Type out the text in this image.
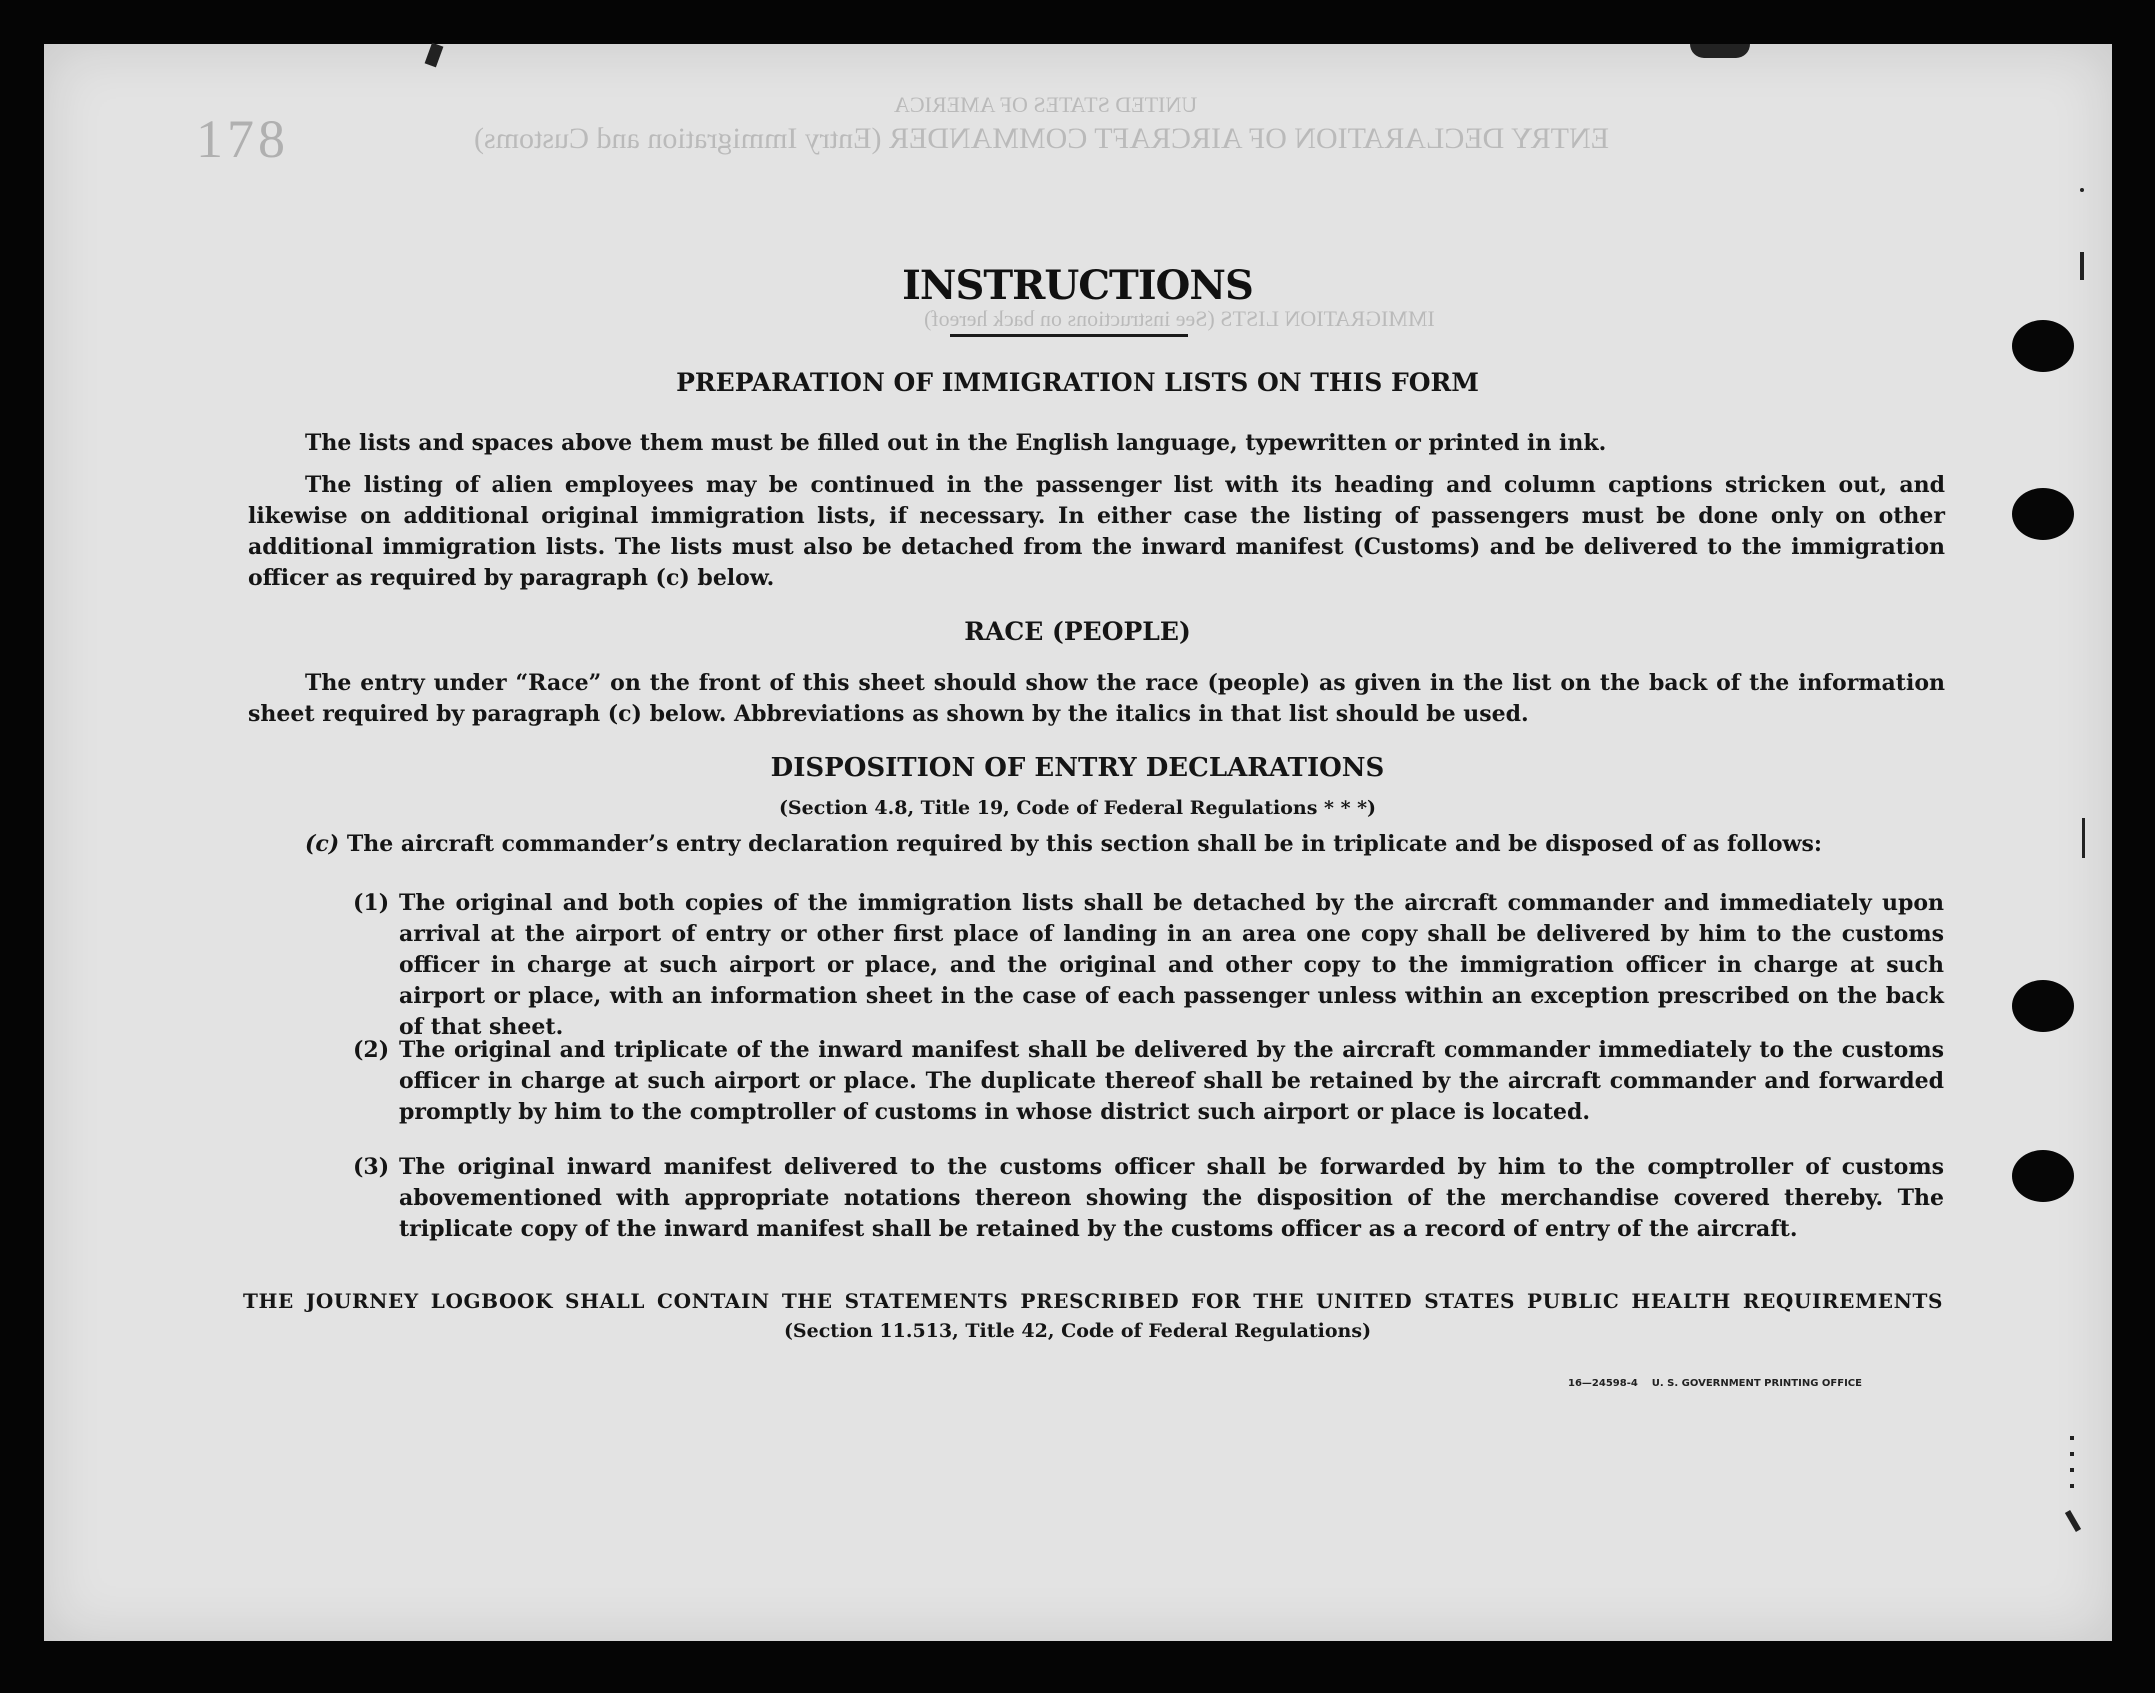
UNITED STATES OF AMERICA
ENTRY DECLARATION OF AIRCRAFT COMMANDER (Entry Immigration and Customs)
IMMIGRATION LISTS (See instructions on back hereof)
178
INSTRUCTIONS
PREPARATION OF IMMIGRATION LISTS ON THIS FORM
The lists and spaces above them must be filled out in the English language, typewritten or printed in ink.
The listing of alien employees may be continued in the passenger list with its heading and column captions stricken out, and likewise on additional original immigration lists, if necessary. In either case the listing of passengers must be done only on other additional immigration lists. The lists must also be detached from the inward manifest (Customs) and be delivered to the immigration officer as required by paragraph (c) below.
RACE (PEOPLE)
The entry under “Race” on the front of this sheet should show the race (people) as given in the list on the back of the information sheet required by paragraph (c) below. Abbreviations as shown by the italics in that list should be used.
DISPOSITION OF ENTRY DECLARATIONS
(Section 4.8, Title 19, Code of Federal Regulations * * *)
(c) The aircraft commander’s entry declaration required by this section shall be in triplicate and be disposed of as follows:
(1) The original and both copies of the immigration lists shall be detached by the aircraft commander and immediately upon arrival at the airport of entry or other first place of landing in an area one copy shall be delivered by him to the customs officer in charge at such airport or place, and the original and other copy to the immigration officer in charge at such airport or place, with an information sheet in the case of each passenger unless within an exception prescribed on the back of that sheet.
(2) The original and triplicate of the inward manifest shall be delivered by the aircraft commander immediately to the customs officer in charge at such airport or place. The duplicate thereof shall be retained by the aircraft commander and forwarded promptly by him to the comptroller of customs in whose district such airport or place is located.
(3) The original inward manifest delivered to the customs officer shall be forwarded by him to the comptroller of customs abovementioned with appropriate notations thereon showing the disposition of the merchandise covered thereby. The triplicate copy of the inward manifest shall be retained by the customs officer as a record of entry of the aircraft.
THE JOURNEY LOGBOOK SHALL CONTAIN THE STATEMENTS PRESCRIBED FOR THE UNITED STATES PUBLIC HEALTH REQUIREMENTS
(Section 11.513, Title 42, Code of Federal Regulations)
16—24598-4 U. S. GOVERNMENT PRINTING OFFICE
